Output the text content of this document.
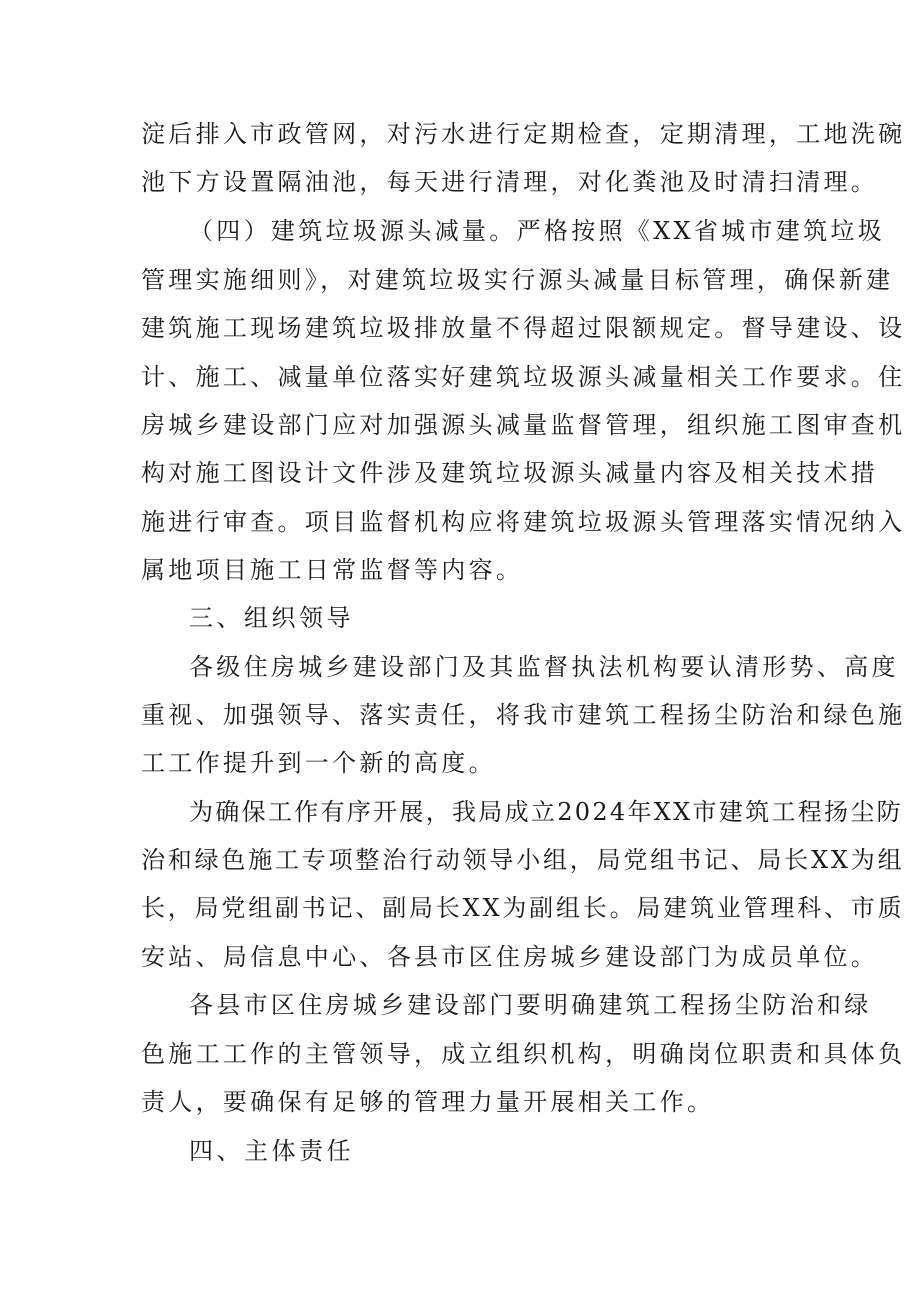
淀后排入市政管网，对污水进行定期检查，定期清理，工地洗碗
池下方设置隔油池，每天进行清理，对化粪池及时清扫清理。
（四）建筑垃圾源头减量。严格按照《XX省城市建筑垃圾
管理实施细则》，对建筑垃圾实行源头减量目标管理，确保新建
建筑施工现场建筑垃圾排放量不得超过限额规定。督导建设、设
计、施工、减量单位落实好建筑垃圾源头减量相关工作要求。住
房城乡建设部门应对加强源头减量监督管理，组织施工图审查机
构对施工图设计文件涉及建筑垃圾源头减量内容及相关技术措
施进行审查。项目监督机构应将建筑垃圾源头管理落实情况纳入
属地项目施工日常监督等内容。
三、组织领导
各级住房城乡建设部门及其监督执法机构要认清形势、高度
重视、加强领导、落实责任，将我市建筑工程扬尘防治和绿色施
工工作提升到一个新的高度。
为确保工作有序开展，我局成立2024年XX市建筑工程扬尘防
治和绿色施工专项整治行动领导小组，局党组书记、局长XX为组
长，局党组副书记、副局长XX为副组长。局建筑业管理科、市质
安站、局信息中心、各县市区住房城乡建设部门为成员单位。
各县市区住房城乡建设部门要明确建筑工程扬尘防治和绿
色施工工作的主管领导，成立组织机构，明确岗位职责和具体负
责人，要确保有足够的管理力量开展相关工作。
四、主体责任
